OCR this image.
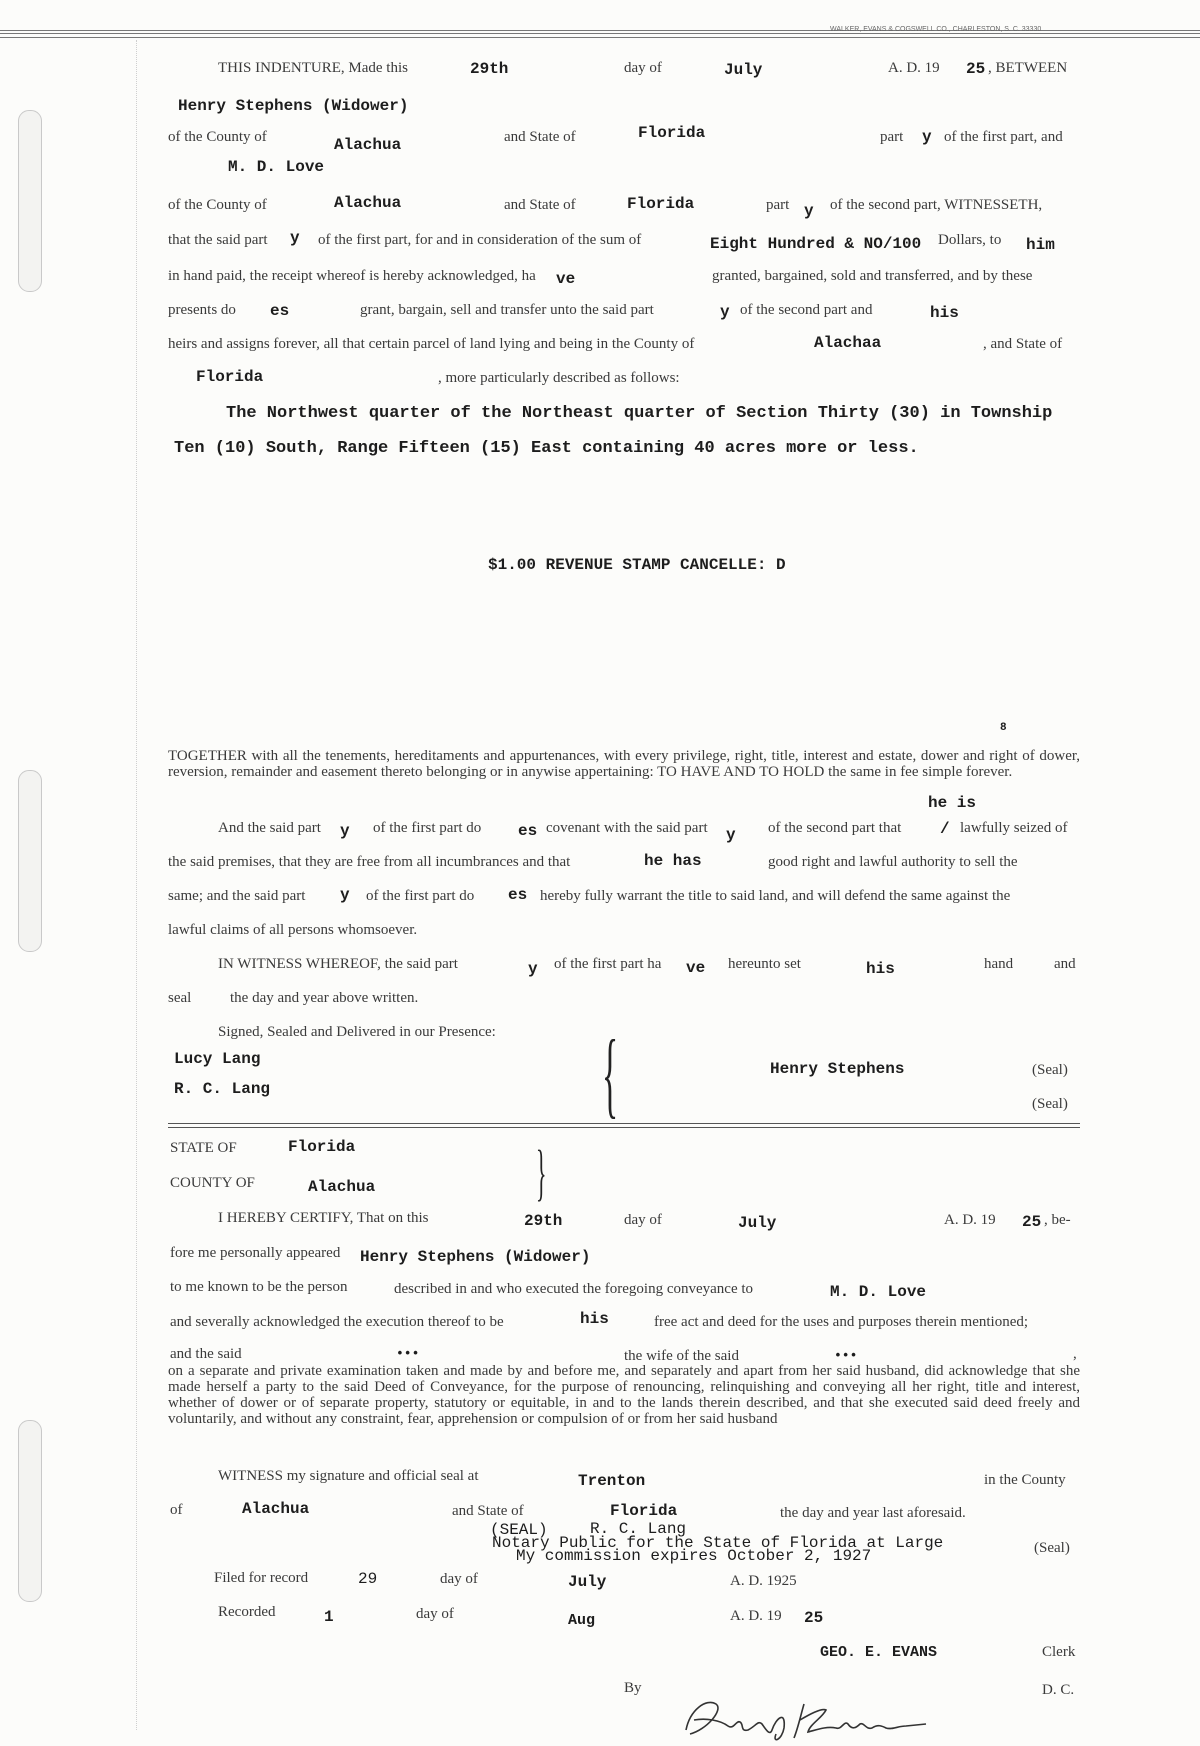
WALKER, EVANS & COGSWELL CO., CHARLESTON, S. C. 33330
THIS INDENTURE, Made this	29th	day of	July	A. D. 19 25 , BETWEEN
Henry Stephens (Widower)
of the County of	Alachua	and State of	Florida	part y of the first part, and
M. D. Love
of the County of	Alachua	and State of	Florida	part y of the second part, WITNESSETH,
that the said part y of the first part, for and in consideration of the sum of	Eight Hundred & NO/100 Dollars, to him
in hand paid, the receipt whereof is hereby acknowledged, ha ve	granted, bargained, sold and transferred, and by these
presents do es	grant, bargain, sell and transfer unto the said part	y of the second part and	his
heirs and assigns forever, all that certain parcel of land lying and being in the County of	Alachaa	, and State of
Florida	, more particularly described as follows:
The Northwest quarter of the Northeast quarter of Section Thirty (30) in Township
Ten (10) South, Range Fifteen (15) East containing 40 acres more or less.
$1.00 REVENUE STAMP CANCELLE: D
8
TOGETHER with all the tenements, hereditaments and appurtenances, with every privilege, right, title, interest and estate, dower and right of dower, reversion, remainder and easement thereto belonging or in anywise appertaining: TO HAVE AND TO HOLD the same in fee simple forever.
he is
And the said part y of the first part do es covenant with the said part y of the second part that / lawfully seized of
the said premises, that they are free from all incumbrances and that	he has	good right and lawful authority to sell the
same; and the said part y of the first part do es hereby fully warrant the title to said land, and will defend the same against the
lawful claims of all persons whomsoever.
IN WITNESS WHEREOF, the said part	y of the first part ha ve hereunto set	his	hand	and
seal	the day and year above written.
Signed, Sealed and Delivered in our Presence:
Lucy Lang
R. C. Lang	{	Henry Stephens	(Seal)
(Seal)
STATE OF	Florida
COUNTY OF	Alachua	}
I HEREBY CERTIFY, That on this	29th	day of	July	A. D. 19 25 , be-
fore me personally appeared Henry Stephens (Widower)
to me known to be the person	described in and who executed the foregoing conveyance to	M. D. Love
and severally acknowledged the execution thereof to be	his	free act and deed for the uses and purposes therein mentioned;
and the said	•••	the wife of the said	•••	,
on a separate and private examination taken and made by and before me, and separately and apart from her said husband, did acknowledge that she made herself a party to the said Deed of Conveyance, for the purpose of renouncing, relinquishing and conveying all her right, title and interest, whether of dower or of separate property, statutory or equitable, in and to the lands therein described, and that she executed said deed freely and voluntarily, and without any constraint, fear, apprehension or compulsion of or from her said husband
WITNESS my signature and official seal at	Trenton	in the County
of	Alachua	and State of	Florida	the day and year last aforesaid.
(SEAL)	R. C. Lang
Notary Public for the State of Florida at Large
My commission expires October 2, 1927	(Seal)
Filed for record	29	day of	July	A. D. 1925
Recorded	1	day of	Aug	A. D. 19 25
GEO. E. EVANS	Clerk
By	D. C.
